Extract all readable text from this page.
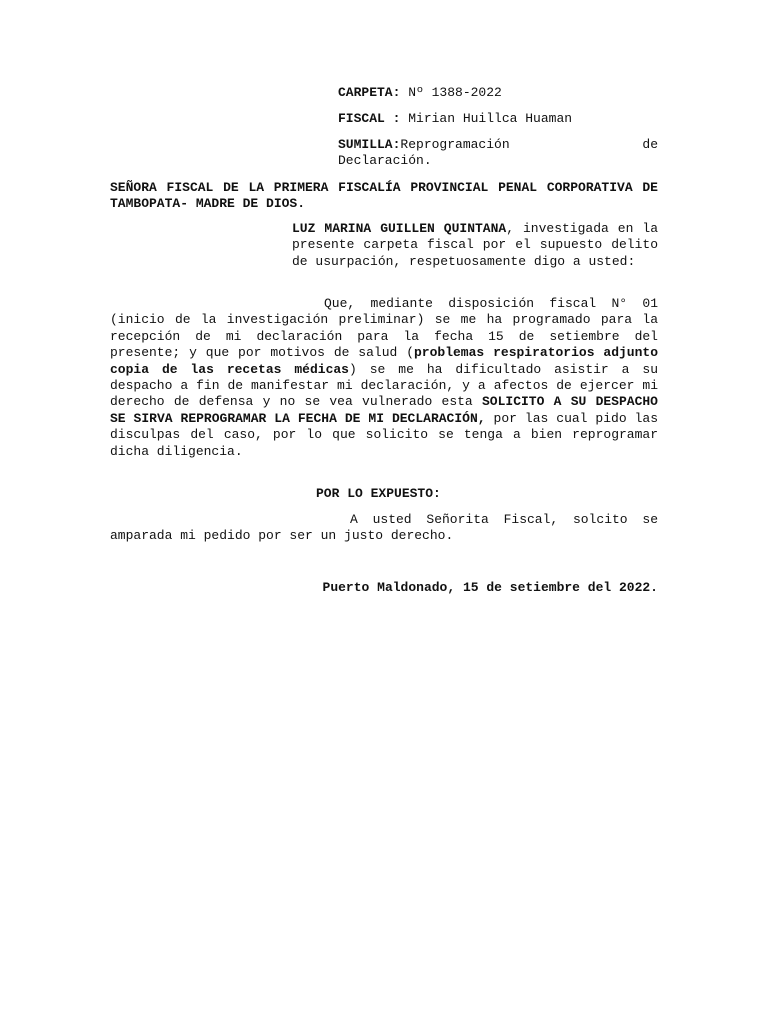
CARPETA: Nº 1388-2022

FISCAL : Mirian Huillca Huaman

SUMILLA:Reprogramación de

Declaración.

SEÑORA FISCAL DE LA PRIMERA FISCALÍA PROVINCIAL PENAL CORPORATIVA DE TAMBOPATA- MADRE DE DIOS.

LUZ MARINA GUILLEN QUINTANA, investigada en la presente carpeta fiscal por el supuesto delito de usurpación, respetuosamente digo a usted:

Que, mediante disposición fiscal N° 01 (inicio de la investigación preliminar) se me ha programado para la recepción de mi declaración para la fecha 15 de setiembre del presente; y que por motivos de salud (problemas respiratorios adjunto copia de las recetas médicas) se me ha dificultado asistir a su despacho a fin de manifestar mi declaración, y a afectos de ejercer mi derecho de defensa y no se vea vulnerado esta SOLICITO A SU DESPACHO SE SIRVA REPROGRAMAR LA FECHA DE MI DECLARACIÓN, por las cual pido las disculpas del caso, por lo que solicito se tenga a bien reprogramar dicha diligencia.

POR LO EXPUESTO:

A usted Señorita Fiscal, solcito se amparada mi pedido por ser un justo derecho.

Puerto Maldonado, 15 de setiembre del 2022.
